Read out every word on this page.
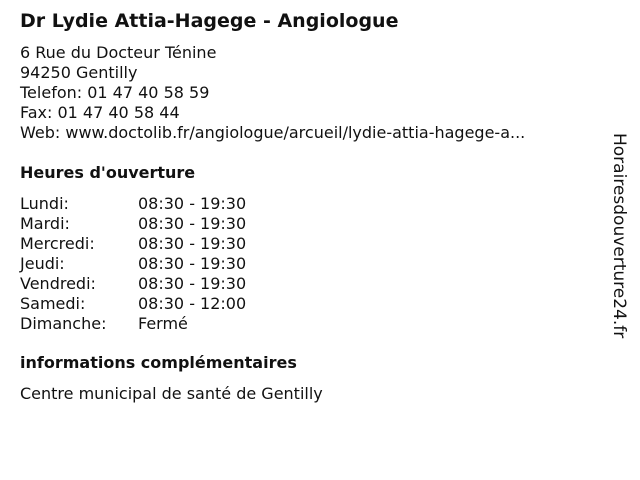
Dr Lydie Attia-Hagege - Angiologue
6 Rue du Docteur Ténine
94250 Gentilly
Telefon: 01 47 40 58 59
Fax: 01 47 40 58 44
Web: www.doctolib.fr/angiologue/arcueil/lydie-attia-hagege-a...
Heures d'ouverture
Lundi:	08:30 - 19:30
Mardi:	08:30 - 19:30
Mercredi:	08:30 - 19:30
Jeudi:	08:30 - 19:30
Vendredi:	08:30 - 19:30
Samedi:	08:30 - 12:00
Dimanche: Fermé
informations complémentaires
Centre municipal de santé de Gentilly
Horairesdouverture24.fr
